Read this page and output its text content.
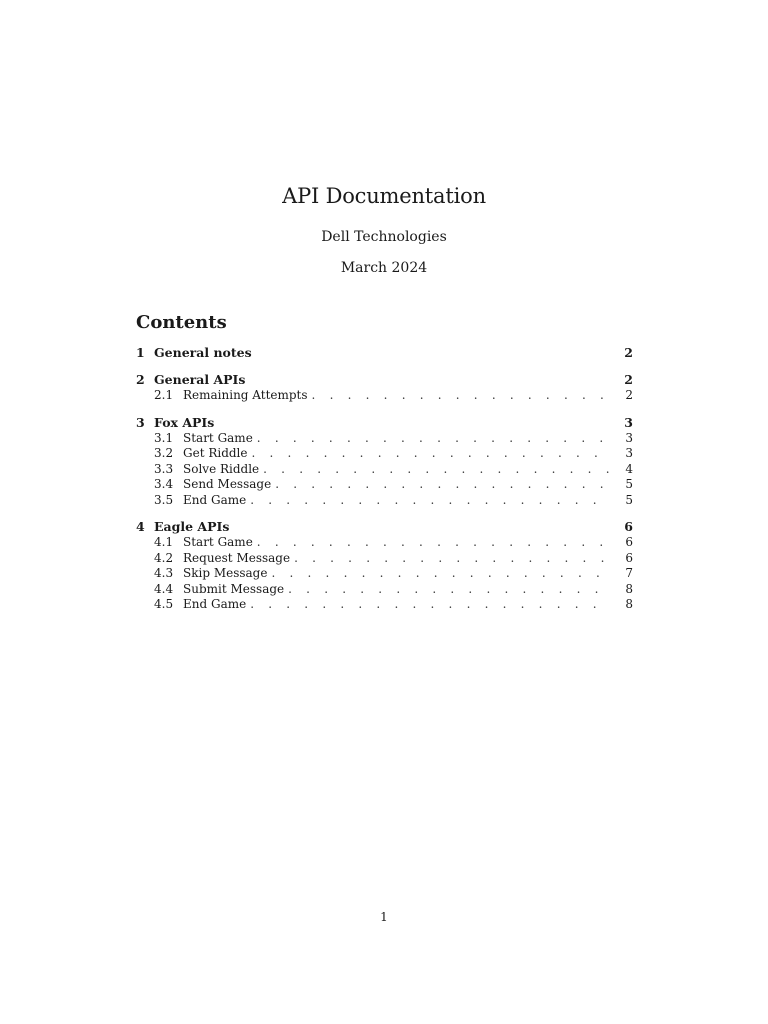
API Documentation
Dell Technologies
March 2024
Contents
1 General notes	2
2 General APIs	2
2.1 Remaining Attempts . . .	2
3 Fox APIs	3
3.1 Start Game . . .	3
3.2 Get Riddle . . .	3
3.3 Solve Riddle . . .	4
3.4 Send Message . . .	5
3.5 End Game . . .	5
4 Eagle APIs	6
4.1 Start Game . . .	6
4.2 Request Message . . .	6
4.3 Skip Message . . .	7
4.4 Submit Message . . .	8
4.5 End Game . . .	8
1
